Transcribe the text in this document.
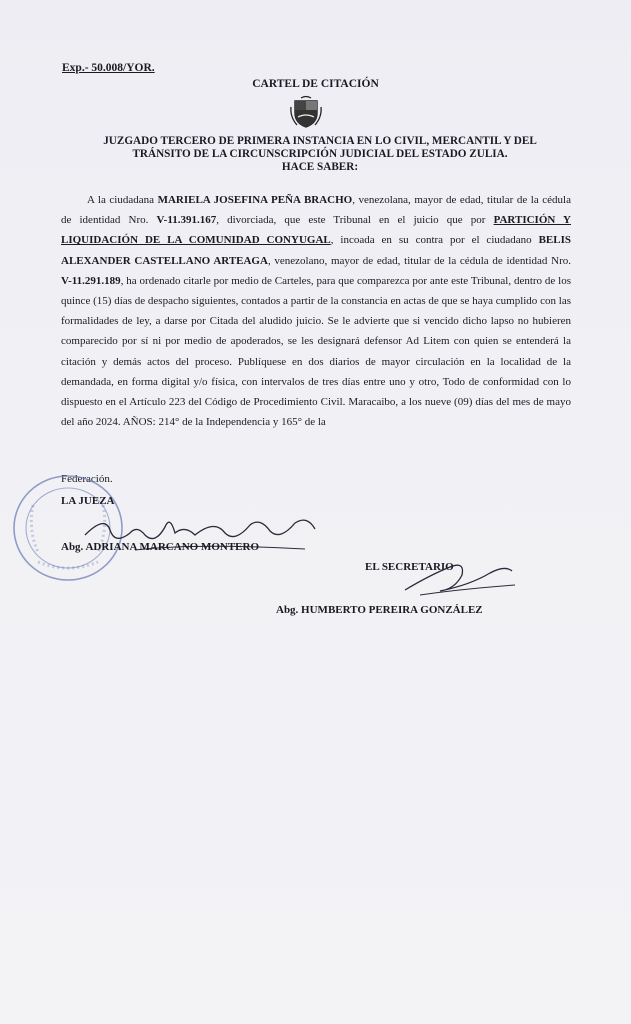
Exp.- 50.008/YOR.
CARTEL DE CITACIÓN
JUZGADO TERCERO DE PRIMERA INSTANCIA EN LO CIVIL, MERCANTIL Y DEL
TRÁNSITO DE LA CIRCUNSCRIPCIÓN JUDICIAL DEL ESTADO ZULIA.
HACE SABER:
A la ciudadana MARIELA JOSEFINA PEÑA BRACHO, venezolana, mayor de edad, titular de la cédula de identidad Nro. V-11.391.167, divorciada, que este Tribunal en el juicio que por PARTICIÓN Y LIQUIDACIÓN DE LA COMUNIDAD CONYUGAL, incoada en su contra por el ciudadano BELIS ALEXANDER CASTELLANO ARTEAGA, venezolano, mayor de edad, titular de la cédula de identidad Nro. V-11.291.189, ha ordenado citarle por medio de Carteles, para que comparezca por ante este Tribunal, dentro de los quince (15) días de despacho siguientes, contados a partir de la constancia en actas de que se haya cumplido con las formalidades de ley, a darse por Citada del aludido juicio. Se le advierte que si vencido dicho lapso no hubieren comparecido por sí ni por medio de apoderados, se les designará defensor Ad Litem con quien se entenderá la citación y demás actos del proceso. Publíquese en dos diarios de mayor circulación en la localidad de la demandada, en forma digital y/o física, con intervalos de tres días entre uno y otro, Todo de conformidad con lo dispuesto en el Artículo 223 del Código de Procedimiento Civil. Maracaibo, a los nueve (09) días del mes de mayo del año 2024. AÑOS: 214° de la Independencia y 165° de la
Federación.
LA JUEZA
Abg. ADRIANA MARCANO MONTERO
EL SECRETARIO
Abg. HUMBERTO PEREIRA GONZÁLEZ
